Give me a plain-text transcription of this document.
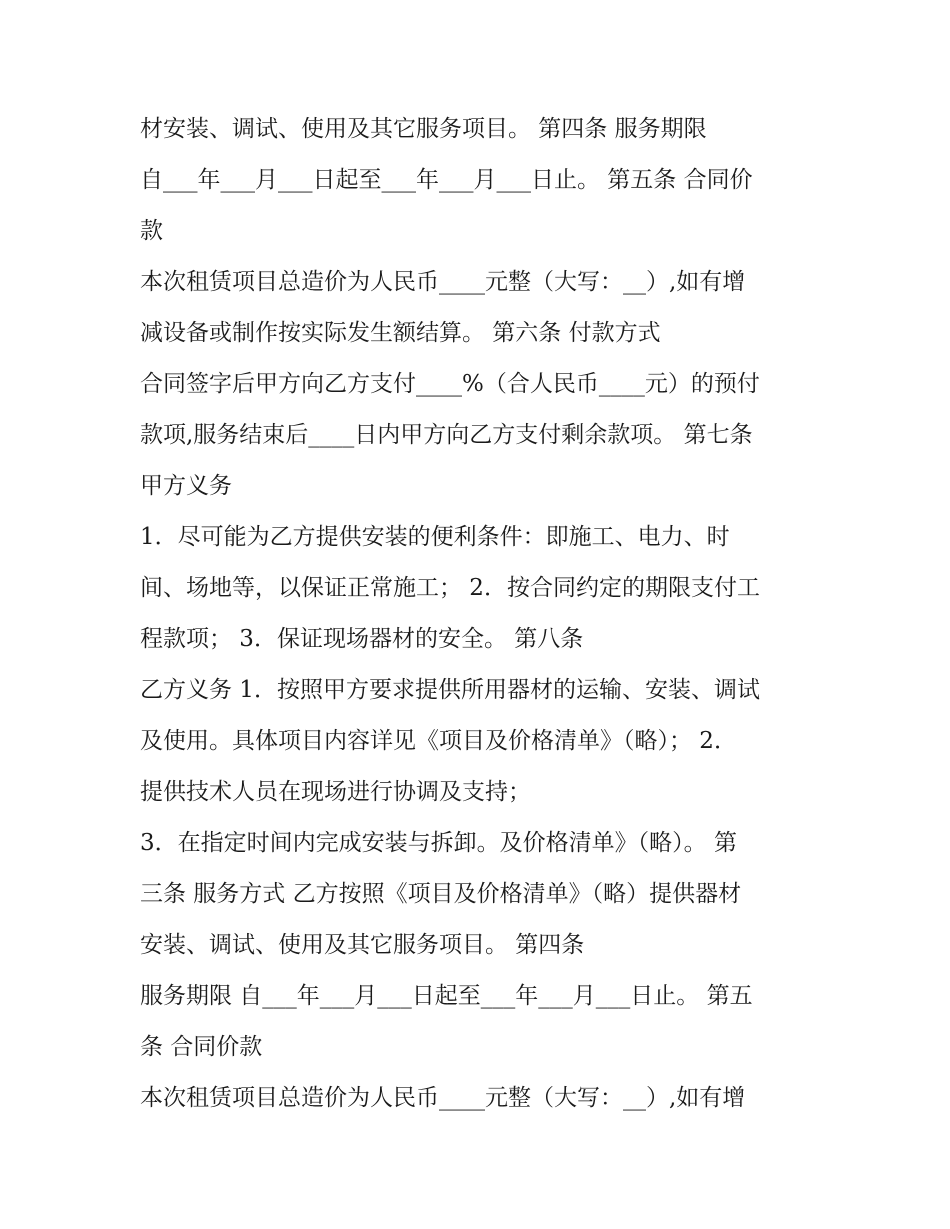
材安装、调试、使用及其它服务项目。 第四条 服务期限
自___年___月___日起至___年___月___日止。 第五条 合同价
款
本次租赁项目总造价为人民币____元整（大写：__）,如有增
减设备或制作按实际发生额结算。 第六条 付款方式
合同签字后甲方向乙方支付____%（合人民币____元）的预付
款项,服务结束后____日内甲方向乙方支付剩余款项。 第七条
甲方义务
1．尽可能为乙方提供安装的便利条件：即施工、电力、时
间、场地等，以保证正常施工； 2．按合同约定的期限支付工
程款项； 3．保证现场器材的安全。 第八条
乙方义务 1．按照甲方要求提供所用器材的运输、安装、调试
及使用。具体项目内容详见《项目及价格清单》（略）； 2．
提供技术人员在现场进行协调及支持；
3．在指定时间内完成安装与拆卸。及价格清单》（略）。 第
三条 服务方式 乙方按照《项目及价格清单》（略）提供器材
安装、调试、使用及其它服务项目。 第四条
服务期限 自___年___月___日起至___年___月___日止。 第五
条 合同价款
本次租赁项目总造价为人民币____元整（大写：__）,如有增
